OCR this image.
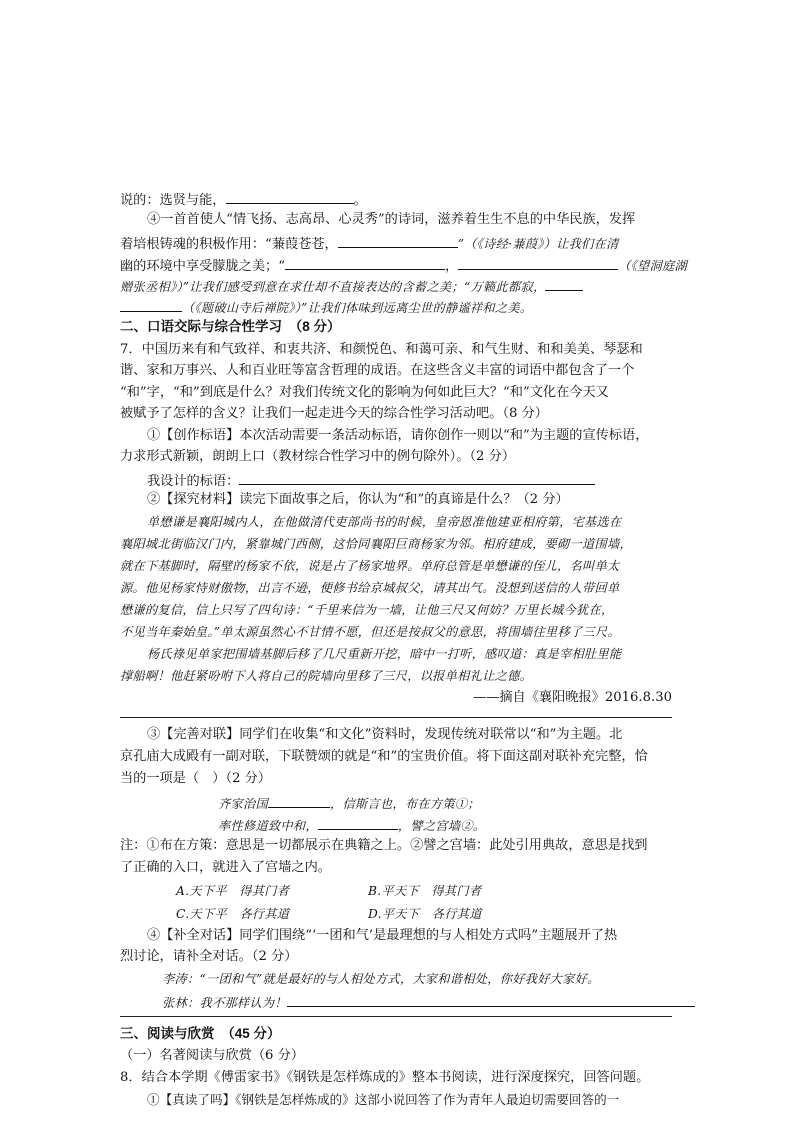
说的：选贤与能，	。
④一首首使人“情飞扬、志高昂、心灵秀”的诗词，滋养着生生不息的中华民族，发挥
着培根铸魂的积极作用：“蒹葭苍苍，	”（《诗经·蒹葭》）让我们在清
幽的环境中享受朦胧之美；“	，	（《望洞庭湖
赠张丞相》）”让我们感受到意在求仕却不直接表达的含蓄之美；“万籁此都寂，
（《题破山寺后禅院》）”让我们体味到远离尘世的静谧祥和之美。
二、口语交际与综合性学习　（8 分）
7．中国历来有和气致祥、和衷共济、和颜悦色、和蔼可亲、和气生财、和和美美、琴瑟和
谐、家和万事兴、人和百业旺等富含哲理的成语。在这些含义丰富的词语中都包含了一个
“和”字，“和”到底是什么？对我们传统文化的影响为何如此巨大？“和”文化在今天又
被赋予了怎样的含义？让我们一起走进今天的综合性学习活动吧。（8 分）
①【创作标语】本次活动需要一条活动标语，请你创作一则以“和”为主题的宣传标语，
力求形式新颖，朗朗上口（教材综合性学习中的例句除外）。（2 分）
我设计的标语：
②【探究材料】读完下面故事之后，你认为“和”的真谛是什么？（2 分）
单懋谦是襄阳城内人，在他做清代吏部尚书的时候，皇帝恩准他建亚相府第，宅基选在
襄阳城北街临汉门内，紧靠城门西侧，这恰同襄阳巨商杨家为邻。相府建成，要砌一道围墙，
就在下基脚时，隔壁的杨家不依，说是占了杨家地界。单府总管是单懋谦的侄儿，名叫单太
源。他见杨家恃财傲物，出言不逊，便修书给京城叔父，请其出气。没想到送信的人带回单
懋谦的复信，信上只写了四句诗：“千里来信为一墙，让他三尺又何妨？万里长城今犹在，
不见当年秦始皇。”单太源虽然心不甘情不愿，但还是按叔父的意思，将围墙往里移了三尺。
杨氏祿见单家把围墙基脚后移了几尺重新开挖，暗中一打听，感叹道：真是宰相肚里能
撑船啊！他赶紧吩咐下人将自己的院墙向里移了三尺，以报单相礼让之德。
——摘自《襄阳晚报》2016.8.30
③【完善对联】同学们在收集“和文化”资料时，发现传统对联常以“和”为主题。北
京孔庙大成殿有一副对联，下联赞颂的就是“和”的宝贵价值。将下面这副对联补充完整，恰
当的一项是（　）（2 分）
齐家治国	，信斯言也，布在方策①；
率性修道致中和，	，譬之宫墙②。
注：①布在方策：意思是一切都展示在典籍之上。②譬之宫墙：此处引用典故，意思是找到
了正确的入口，就进入了宫墙之内。
A.天下平　得其门者	B.平天下　得其门者
C.天下平　各行其道	D.平天下　各行其道
④【补全对话】同学们围绕“‘一团和气’是最理想的与人相处方式吗”主题展开了热
烈讨论，请补全对话。（2 分）
李涛：“一团和气”就是最好的与人相处方式，大家和谐相处，你好我好大家好。
张林：我不那样认为！
三、阅读与欣赏　（45 分）
（一）名著阅读与欣赏（6 分）
8．结合本学期《傅雷家书》《钢铁是怎样炼成的》整本书阅读，进行深度探究，回答问题。
①【真读了吗】《钢铁是怎样炼成的》这部小说回答了作为青年人最迫切需要回答的一
